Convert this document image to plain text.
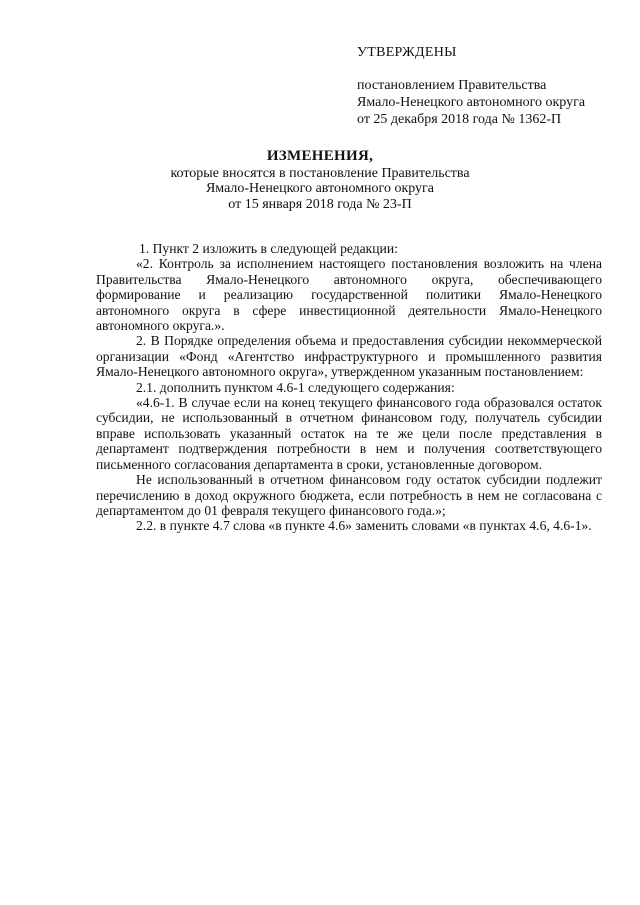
УТВЕРЖДЕНЫ
постановлением Правительства
Ямало-Ненецкого автономного округа
от 25 декабря 2018 года № 1362-П
ИЗМЕНЕНИЯ,
которые вносятся в постановление Правительства
Ямало-Ненецкого автономного округа
от 15 января 2018 года № 23-П

1. Пункт 2 изложить в следующей редакции:

«2. Контроль за исполнением настоящего постановления возложить на члена Правительства Ямало-Ненецкого автономного округа, обеспечивающего формирование и реализацию государственной политики Ямало-Ненецкого автономного округа в сфере инвестиционной деятельности Ямало-Ненецкого автономного округа.».

2. В Порядке определения объема и предоставления субсидии некоммерческой организации «Фонд «Агентство инфраструктурного и промышленного развития Ямало-Ненецкого автономного округа», утвержденном указанным постановлением:

2.1. дополнить пунктом 4.6-1 следующего содержания:

«4.6-1. В случае если на конец текущего финансового года образовался остаток субсидии, не использованный в отчетном финансовом году, получатель субсидии вправе использовать указанный остаток на те же цели после представления в департамент подтверждения потребности в нем и получения соответствующего письменного согласования департамента в сроки, установленные договором.

Не использованный в отчетном финансовом году остаток субсидии подлежит перечислению в доход окружного бюджета, если потребность в нем не согласована с департаментом до 01 февраля текущего финансового года.»;

2.2. в пункте 4.7 слова «в пункте 4.6» заменить словами «в пунктах 4.6, 4.6-1».
